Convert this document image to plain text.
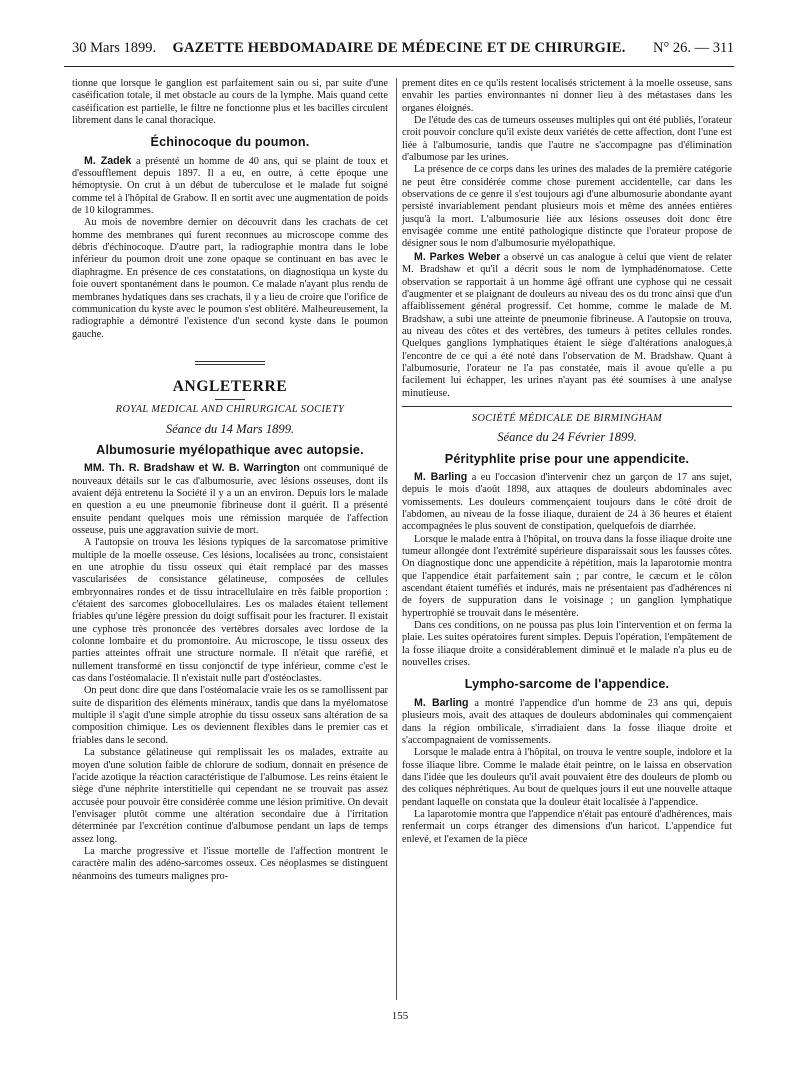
30 Mars 1899.	GAZETTE HEBDOMADAIRE DE MÉDECINE ET DE CHIRURGIE.	N° 26. — 311

tionne que lorsque le ganglion est parfaitement sain ou si, par suite d'une caséification totale, il met obstacle au cours de la lymphe. Mais quand cette caséification est partielle, le filtre ne fonctionne plus et les bacilles circulent librement dans le canal thoracique.

Échinocoque du poumon.

M. Zadek a présenté un homme de 40 ans, qui se plaint de toux et d'essoufflement depuis 1897. Il a eu, en outre, à cette époque une hémoptysie. On crut à un début de tuberculose et le malade fut soigné comme tel à l'hôpital de Grabow. Il en sortit avec une augmentation de poids de 10 kilogrammes.

Au mois de novembre dernier on découvrit dans les crachats de cet homme des membranes qui furent reconnues au microscope comme des débris d'échinocoque. D'autre part, la radiographie montra dans le lobe inférieur du poumon droit une zone opaque se continuant en bas avec le diaphragme. En présence de ces constatations, on diagnostiqua un kyste du foie ouvert spontanément dans le poumon. Ce malade n'ayant plus rendu de membranes hydatiques dans ses crachats, il y a lieu de croire que l'orifice de communication du kyste avec le poumon s'est oblitéré. Malheureusement, la radiographie a démontré l'existence d'un second kyste dans le poumon gauche.

ANGLETERRE
ROYAL MEDICAL AND CHIRURGICAL SOCIETY
Séance du 14 Mars 1899.
Albumosurie myélopathique avec autopsie.

MM. Th. R. Bradshaw et W. B. Warrington ont communiqué de nouveaux détails sur le cas d'albumosurie, avec lésions osseuses, dont ils avaient déjà entretenu la Société il y a un an environ. Depuis lors le malade en question a eu une pneumonie fibrineuse dont il guérit. Il a présenté ensuite pendant quelques mois une rémission marquée de l'affection osseuse, puis une aggravation suivie de mort.

A l'autopsie on trouva les lésions typiques de la sarcomatose primitive multiple de la moelle osseuse. Ces lésions, localisées au tronc, consistaient en une atrophie du tissu osseux qui était remplacé par des masses vascularisées de consistance gélatineuse, composées de cellules embryonnaires rondes et de tissu intracellulaire en très faible proportion : c'étaient des sarcomes globocellulaires. Les os malades étaient tellement friables qu'une légère pression du doigt suffisait pour les fracturer. Il existait une cyphose très prononcée des vertèbres dorsales avec lordose de la colonne lombaire et du promontoire. Au microscope, le tissu osseux des parties atteintes offrait une structure normale. Il n'était que raréfié, et nullement transformé en tissu conjonctif de type inférieur, comme c'est le cas dans l'ostéomalacie. Il n'existait nulle part d'ostéoclastes.

On peut donc dire que dans l'ostéomalacie vraie les os se ramollissent par suite de disparition des éléments minéraux, tandis que dans la myélomatose multiple il s'agit d'une simple atrophie du tissu osseux sans altération de sa composition chimique. Les os deviennent flexibles dans le premier cas et friables dans le second.

La substance gélatineuse qui remplissait les os malades, extraite au moyen d'une solution faible de chlorure de sodium, donnait en présence de l'acide azotique la réaction caractéristique de l'albumose. Les reins étaient le siège d'une néphrite interstitielle qui cependant ne se trouvait pas assez accusée pour pouvoir être considérée comme une lésion primitive. On devait l'envisager plutôt comme une altération secondaire due à l'irritation déterminée par l'excrétion continue d'albumose pendant un laps de temps assez long.

La marche progressive et l'issue mortelle de l'affection montrent le caractère malin des adéno-sarcomes osseux. Ces néoplasmes se distinguent néanmoins des tumeurs malignes pro-

prement dites en ce qu'ils restent localisés strictement à la moelle osseuse, sans envahir les parties environnantes ni donner lieu à des métastases dans les organes éloignés.

De l'étude des cas de tumeurs osseuses multiples qui ont été publiés, l'orateur croit pouvoir conclure qu'il existe deux variétés de cette affection, dont l'une est liée à l'albumosurie, tandis que l'autre ne s'accompagne pas d'élimination d'albumose par les urines.

La présence de ce corps dans les urines des malades de la première catégorie ne peut être considérée comme chose purement accidentelle, car dans les observations de ce genre il s'est toujours agi d'une albumosurie abondante ayant persisté invariablement pendant plusieurs mois et même des années entières jusqu'à la mort. L'albumosurie liée aux lésions osseuses doit donc être envisagée comme une entité pathologique distincte que l'orateur propose de désigner sous le nom d'albumosurie myélopathique.

M. Parkes Weber a observé un cas analogue à celui que vient de relater M. Bradshaw et qu'il a décrit sous le nom de lymphadénomatose. Cette observation se rapportait à un homme âgé offrant une cyphose qui ne cessait d'augmenter et se plaignant de douleurs au niveau des os du tronc ainsi que d'un affaiblissement général progressif. Cet homme, comme le malade de M. Bradshaw, a subi une atteinte de pneumonie fibrineuse. A l'autopsie on trouva, au niveau des côtes et des vertèbres, des tumeurs à petites cellules rondes. Quelques ganglions lymphatiques étaient le siège d'altérations analogues,à l'encontre de ce qui a été noté dans l'observation de M. Bradshaw. Quant à l'albumosurie, l'orateur ne l'a pas constatée, mais il avoue qu'elle a pu facilement lui échapper, les urines n'ayant pas été soumises à une analyse minutieuse.

SOCIÉTÉ MÉDICALE DE BIRMINGHAM
Séance du 24 Février 1899.
Pérityphlite prise pour une appendicite.

M. Barling a eu l'occasion d'intervenir chez un garçon de 17 ans sujet, depuis le mois d'août 1898, aux attaques de douleurs abdominales avec vomissements. Les douleurs commençaient toujours dans le côté droit de l'abdomen, au niveau de la fosse iliaque, duraient de 24 à 36 heures et étaient accompagnées le plus souvent de constipation, quelquefois de diarrhée.

Lorsque le malade entra à l'hôpital, on trouva dans la fosse iliaque droite une tumeur allongée dont l'extrémité supérieure disparaissait sous les fausses côtes. On diagnostique donc une appendicite à répétition, mais la laparotomie montra que l'appendice était parfaitement sain ; par contre, le cæcum et le côlon ascendant étaient tuméfiés et indurés, mais ne présentaient pas d'adhérences ni de foyers de suppuration dans le voisinage ; un ganglion lymphatique hypertrophié se trouvait dans le mésentère.

Dans ces conditions, on ne poussa pas plus loin l'intervention et on ferma la plaie. Les suites opératoires furent simples. Depuis l'opération, l'empâtement de la fosse iliaque droite a considérablement diminué et le malade n'a plus eu de nouvelles crises.

Lympho-sarcome de l'appendice.

M. Barling a montré l'appendice d'un homme de 23 ans qui, depuis plusieurs mois, avait des attaques de douleurs abdominales qui commençaient dans la région ombilicale, s'irradiaient dans la fosse iliaque droite et s'accompagnaient de vomissements.

Lorsque le malade entra à l'hôpital, on trouva le ventre souple, indolore et la fosse iliaque libre. Comme le malade était peintre, on le laissa en observation dans l'idée que les douleurs qu'il avait pouvaient être des douleurs de plomb ou des coliques néphrétiques. Au bout de quelques jours il eut une nouvelle attaque pendant laquelle on constata que la douleur était localisée à l'appendice.

La laparotomie montra que l'appendice n'était pas entouré d'adhérences, mais renfermait un corps étranger des dimensions d'un haricot. L'appendice fut enlevé, et l'examen de la pièce

155
